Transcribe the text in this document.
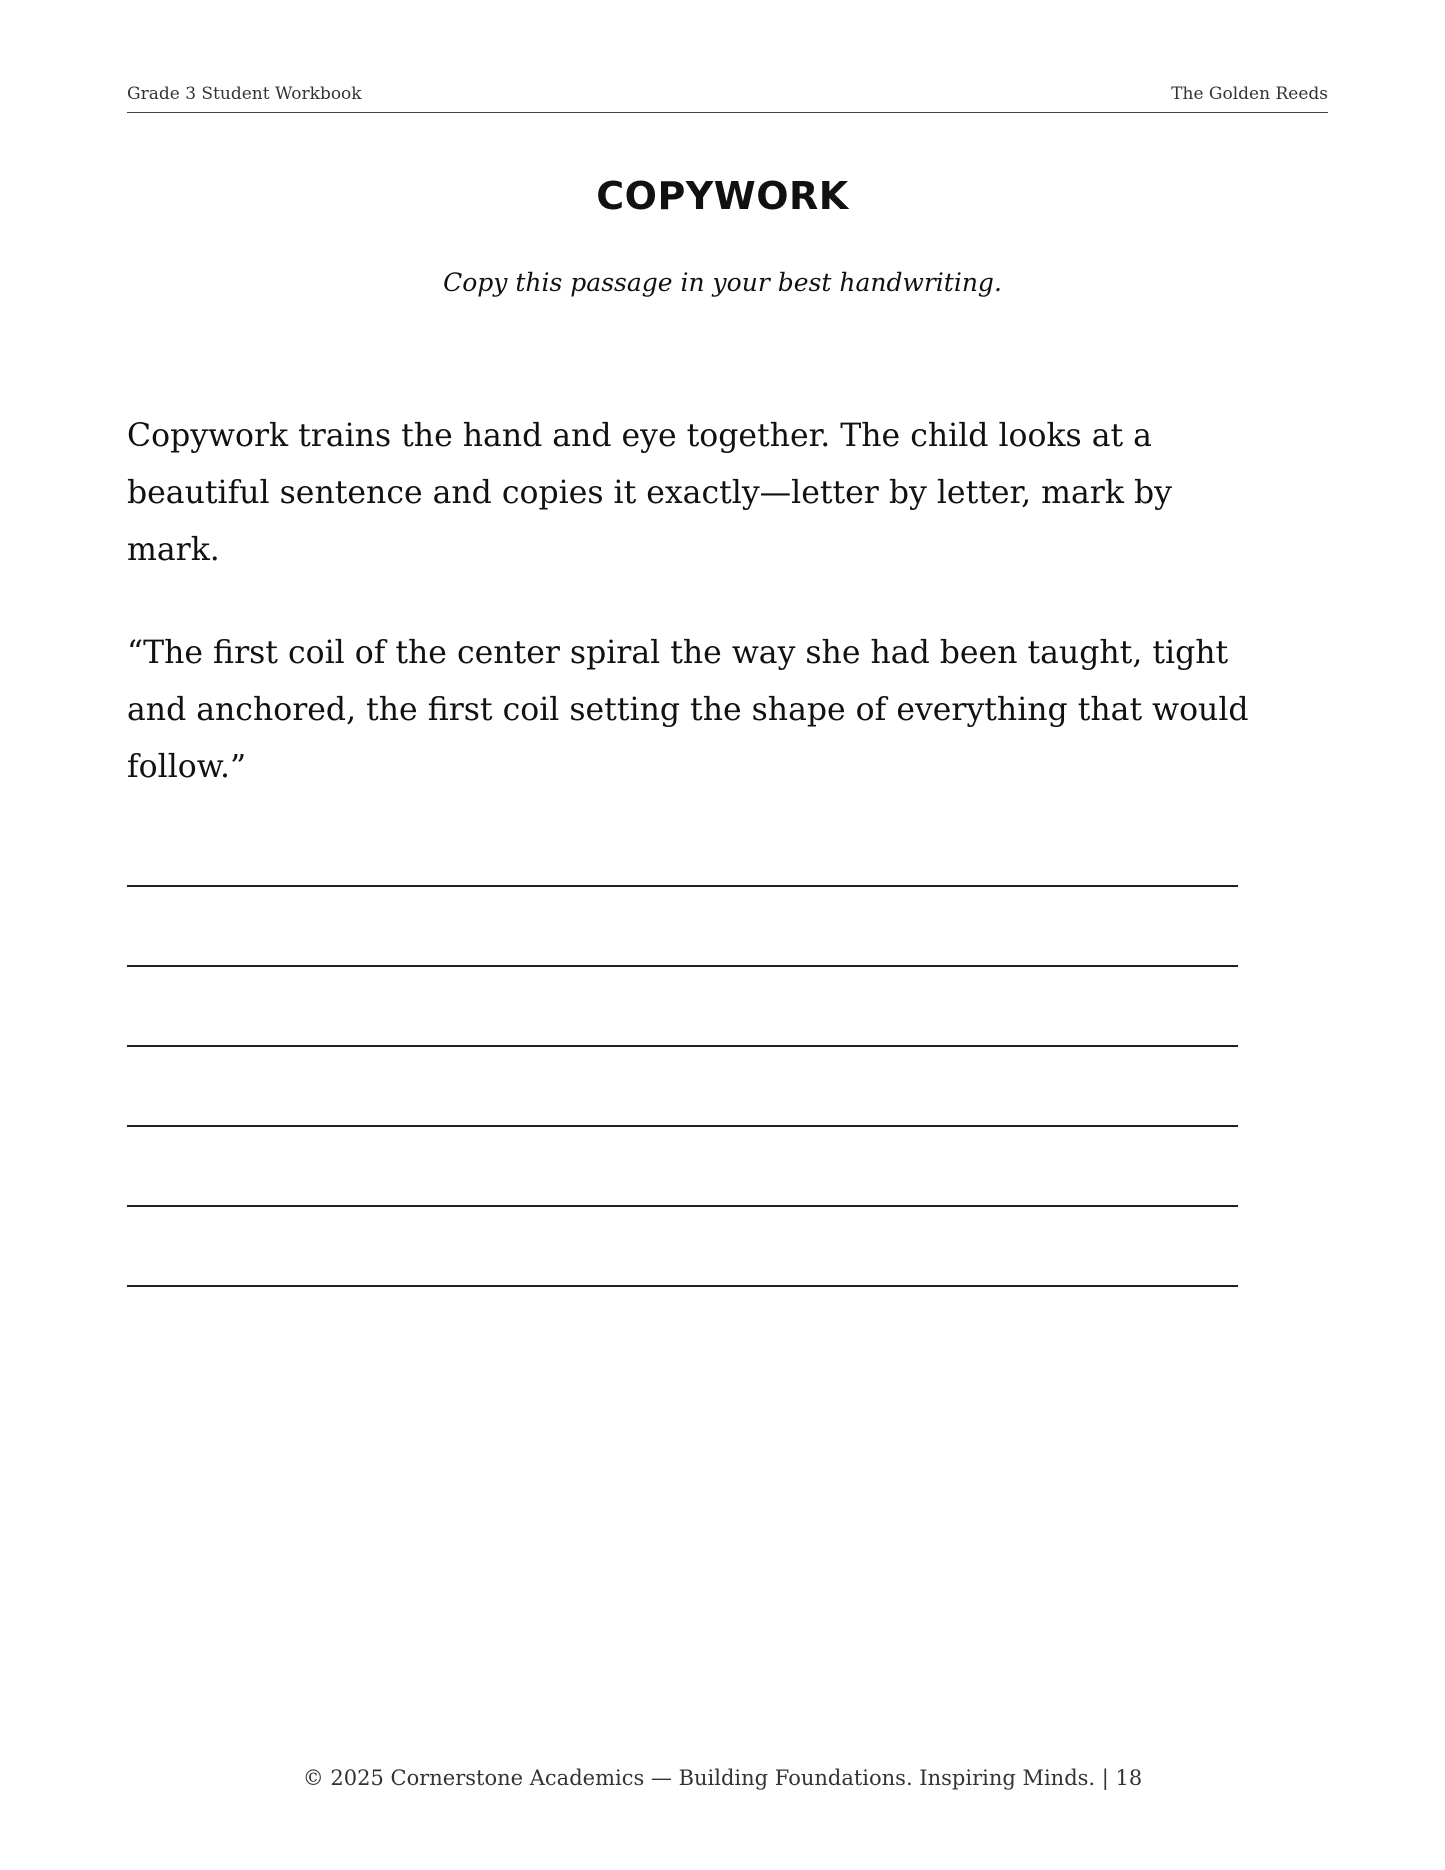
Grade 3 Student Workbook	The Golden Reeds
COPYWORK
Copy this passage in your best handwriting.

Copywork trains the hand and eye together. The child looks at a beautiful sentence and copies it exactly—letter by letter, mark by mark.

“The first coil of the center spiral the way she had been taught, tight and anchored, the first coil setting the shape of everything that would follow.”

© 2025 Cornerstone Academics — Building Foundations. Inspiring Minds. | 18
